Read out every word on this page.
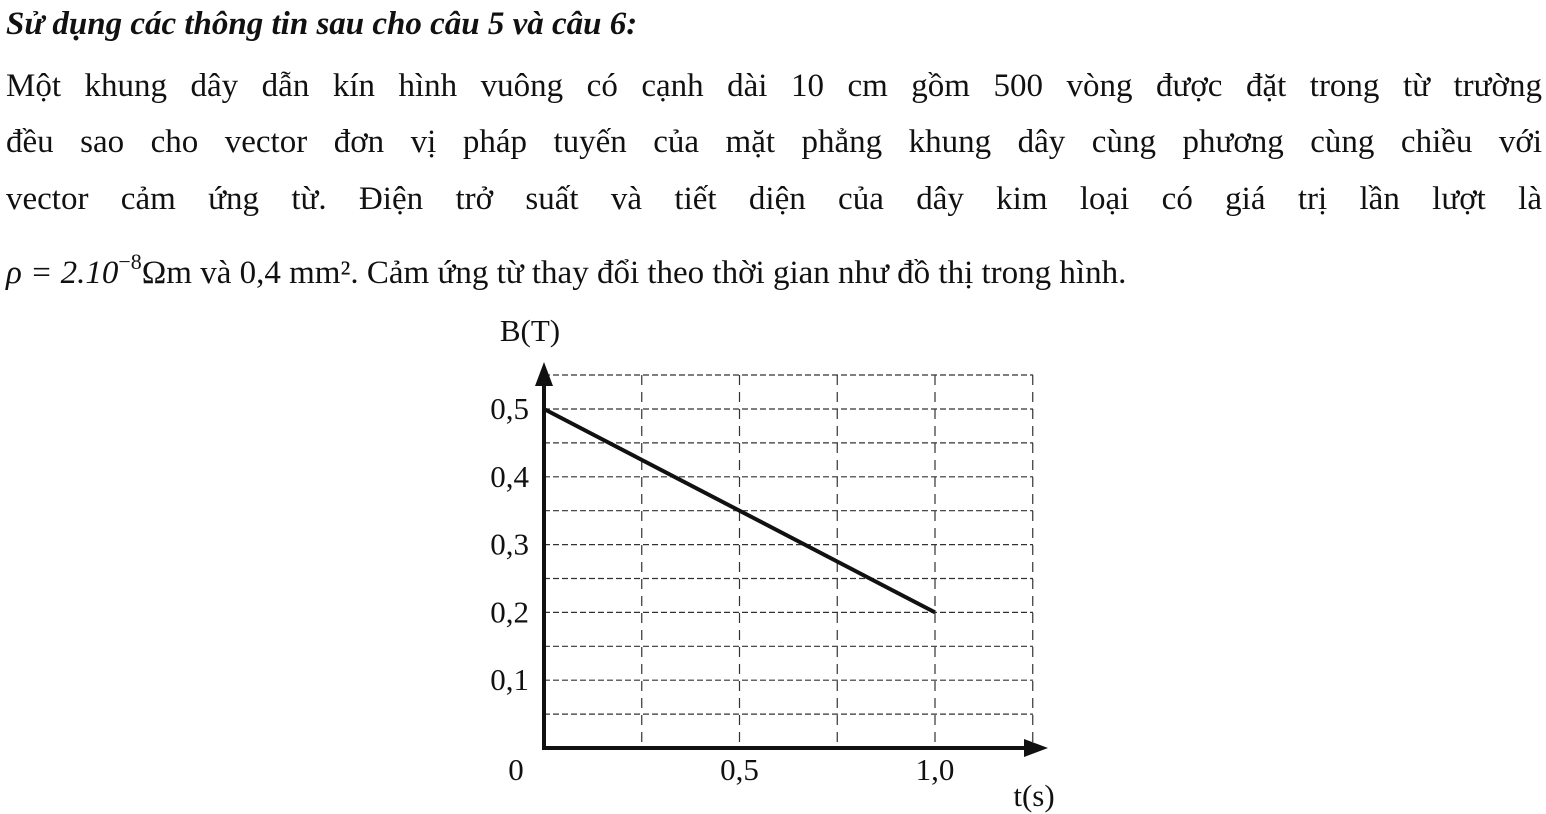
Sử dụng các thông tin sau cho câu 5 và câu 6:
Một khung dây dẫn kín hình vuông có cạnh dài 10 cm gồm 500 vòng được đặt trong từ trường
đều sao cho vector đơn vị pháp tuyến của mặt phẳng khung dây cùng phương cùng chiều với
vector cảm ứng từ. Điện trở suất và tiết diện của dây kim loại có giá trị lần lượt là
$\rho = 2.10^{-8}\Omega m$ và 0,4 mm². Cảm ứng từ thay đổi theo thời gian như đồ thị trong hình.
B(T)
t(s)
0
0,1
0,2
0,3
0,4
0,5
0,5	1,0
